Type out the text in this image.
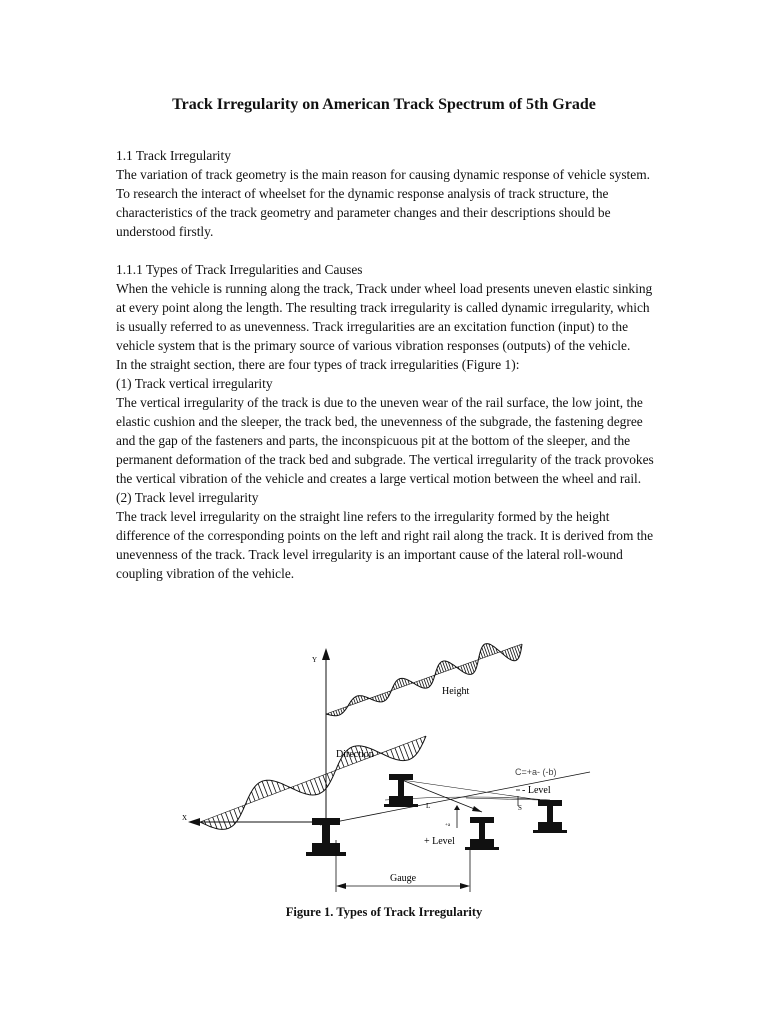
Track Irregularity on American Track Spectrum of 5th Grade

1.1 Track Irregularity

The variation of track geometry is the main reason for causing dynamic response of vehicle system. To research the interact of wheelset for the dynamic response analysis of track structure, the characteristics of the track geometry and parameter changes and their descriptions should be understood firstly.

1.1.1 Types of Track Irregularities and Causes

When the vehicle is running along the track, Track under wheel load presents uneven elastic sinking at every point along the length. The resulting track irregularity is called dynamic irregularity, which is usually referred to as unevenness. Track irregularities are an excitation function (input) to the vehicle system that is the primary source of various vibration responses (outputs) of the vehicle.

In the straight section, there are four types of track irregularities (Figure 1):

(1) Track vertical irregularity

The vertical irregularity of the track is due to the uneven wear of the rail surface, the low joint, the elastic cushion and the sleeper, the track bed, the unevenness of the subgrade, the fastening degree and the gap of the fasteners and parts, the inconspicuous pit at the bottom of the sleeper, and the permanent deformation of the track bed and subgrade. The vertical irregularity of the track provokes the vertical vibration of the vehicle and creates a large vertical motion between the wheel and rail.

(2) Track level irregularity

The track level irregularity on the straight line refers to the irregularity formed by the height difference of the corresponding points on the left and right rail along the track. It is derived from the unevenness of the track. Track level irregularity is an important cause of the lateral roll-wound coupling vibration of the vehicle.

Y
X
Height
Direction
L	S
+a
C=+a- (-b)
- Level
+ Level
Gauge
Figure 1. Types of Track Irregularity
